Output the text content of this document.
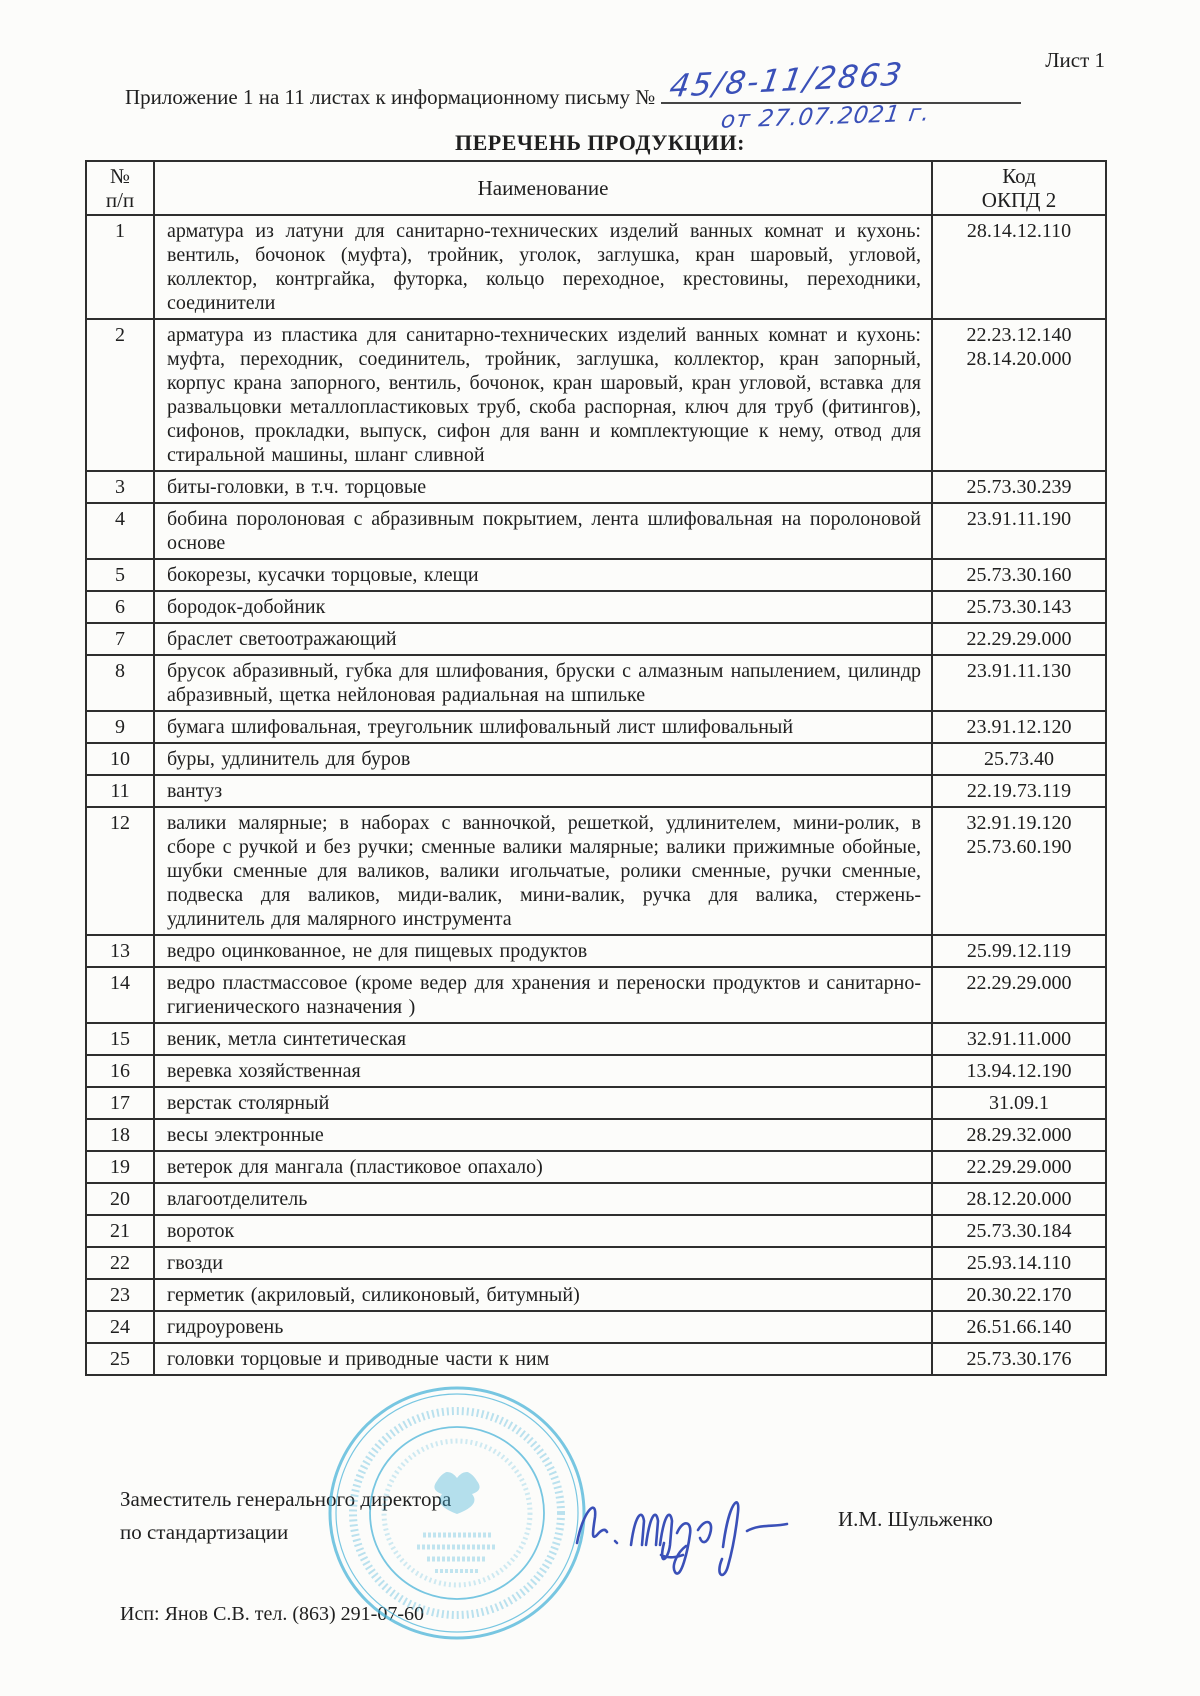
Лист 1
Приложение 1 на 11 листах к информационному письму № 45/8-11/2863
от 27.07.2021 г.
ПЕРЕЧЕНЬ ПРОДУКЦИИ:
№
п/п	Наименование	Код
ОКПД 2

1	арматура из латуни для санитарно-технических изделий ванных комнат и кухонь: вентиль, бочонок (муфта), тройник, уголок, заглушка, кран шаровый, угловой, коллектор, контргайка, футорка, кольцо переходное, крестовины, переходники, соединители	28.14.12.110
2	арматура из пластика для санитарно-технических изделий ванных комнат и кухонь: муфта, переходник, соединитель, тройник, заглушка, коллектор, кран запорный, корпус крана запорного, вентиль, бочонок, кран шаровый, кран угловой, вставка для развальцовки металлопластиковых труб, скоба распорная, ключ для труб (фитингов), сифонов, прокладки, выпуск, сифон для ванн и комплектующие к нему, отвод для стиральной машины, шланг сливной	22.23.12.140
28.14.20.000
3	биты-головки, в т.ч. торцовые	25.73.30.239
4	бобина поролоновая с абразивным покрытием, лента шлифовальная на поролоновой основе	23.91.11.190
5	бокорезы, кусачки торцовые, клещи	25.73.30.160
6	бородок-добойник	25.73.30.143
7	браслет светоотражающий	22.29.29.000
8	брусок абразивный, губка для шлифования, бруски с алмазным напылением, цилиндр абразивный, щетка нейлоновая радиальная на шпильке	23.91.11.130
9	бумага шлифовальная, треугольник шлифовальный лист шлифовальный	23.91.12.120
10	буры, удлинитель для буров	25.73.40
11	вантуз	22.19.73.119
12	валики малярные; в наборах с ванночкой, решеткой, удлинителем, мини-ролик, в сборе с ручкой и без ручки; сменные валики малярные; валики прижимные обойные, шубки сменные для валиков, валики игольчатые, ролики сменные, ручки сменные, подвеска для валиков, миди-валик, мини-валик, ручка для валика, стержень-удлинитель для малярного инструмента	32.91.19.120
25.73.60.190
13	ведро оцинкованное, не для пищевых продуктов	25.99.12.119
14	ведро пластмассовое (кроме ведер для хранения и переноски продуктов и санитарно-гигиенического назначения )	22.29.29.000
15	веник, метла синтетическая	32.91.11.000
16	веревка хозяйственная	13.94.12.190
17	верстак столярный	31.09.1
18	весы электронные	28.29.32.000
19	ветерок для мангала (пластиковое опахало)	22.29.29.000
20	влагоотделитель	28.12.20.000
21	вороток	25.73.30.184
22	гвозди	25.93.14.110
23	герметик (акриловый, силиконовый, битумный)	20.30.22.170
24	гидроуровень	26.51.66.140
25	головки торцовые и приводные части к ним	25.73.30.176
Заместитель генерального директора
по стандартизации
И.М. Шульженко
Исп: Янов С.В. тел. (863) 291-07-60
